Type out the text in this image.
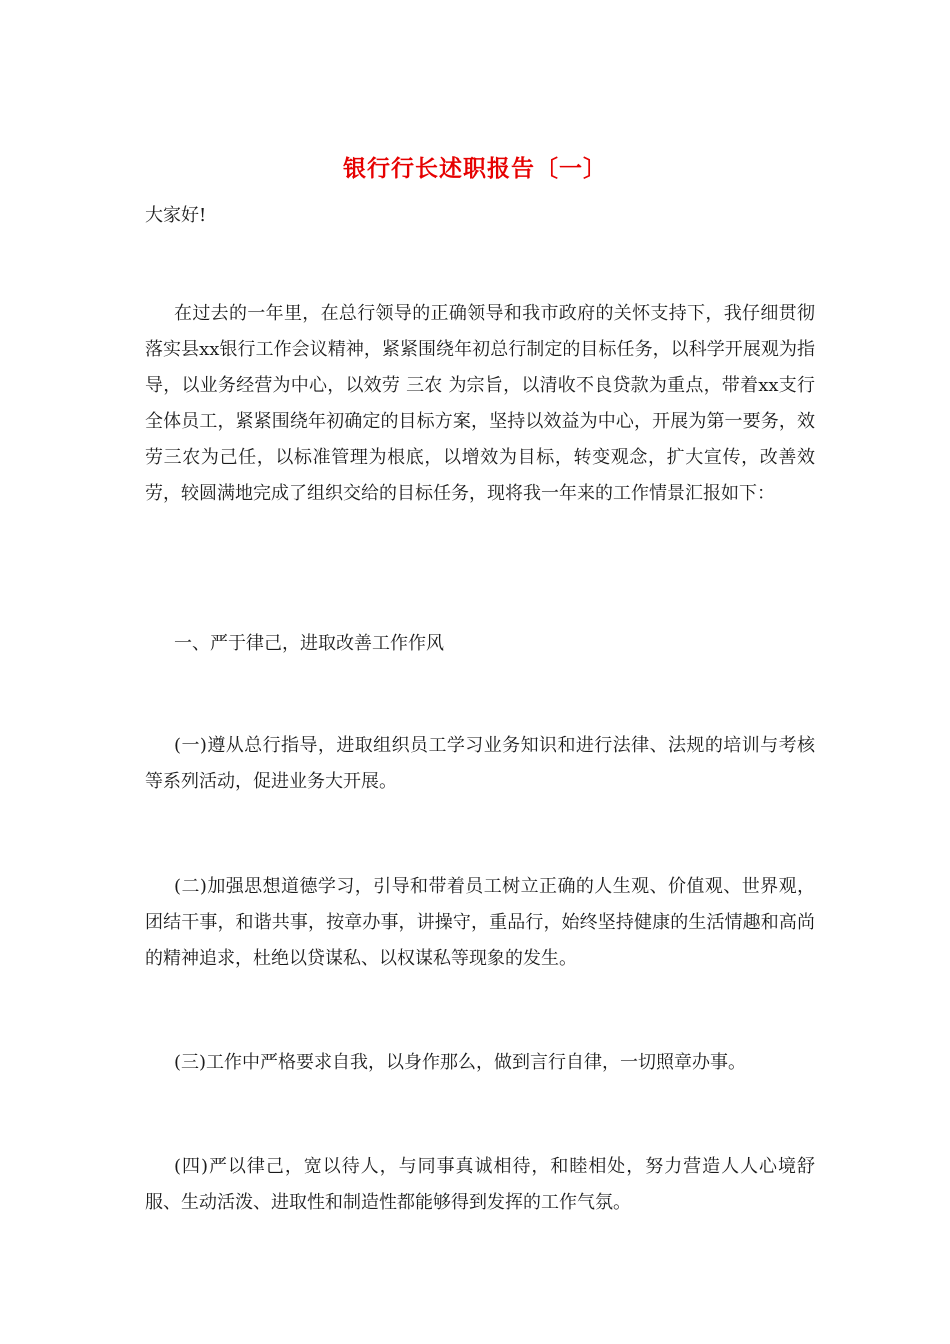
银行行长述职报告〔一〕
大家好!
在过去的一年里，在总行领导的正确领导和我市政府的关怀支持下，我仔细贯彻落实县xx银行工作会议精神，紧紧围绕年初总行制定的目标任务，以科学开展观为指导，以业务经营为中心，以效劳 三农 为宗旨，以清收不良贷款为重点，带着xx支行全体员工，紧紧围绕年初确定的目标方案，坚持以效益为中心，开展为第一要务，效劳三农为己任，以标准管理为根底，以增效为目标，转变观念，扩大宣传，改善效劳，较圆满地完成了组织交给的目标任务，现将我一年来的工作情景汇报如下：
一、严于律己，进取改善工作作风
(一)遵从总行指导，进取组织员工学习业务知识和进行法律、法规的培训与考核等系列活动，促进业务大开展。
(二)加强思想道德学习，引导和带着员工树立正确的人生观、价值观、世界观，团结干事，和谐共事，按章办事，讲操守，重品行，始终坚持健康的生活情趣和高尚的精神追求，杜绝以贷谋私、以权谋私等现象的发生。
(三)工作中严格要求自我，以身作那么，做到言行自律，一切照章办事。
(四)严以律己，宽以待人，与同事真诚相待，和睦相处，努力营造人人心境舒服、生动活泼、进取性和制造性都能够得到发挥的工作气氛。
